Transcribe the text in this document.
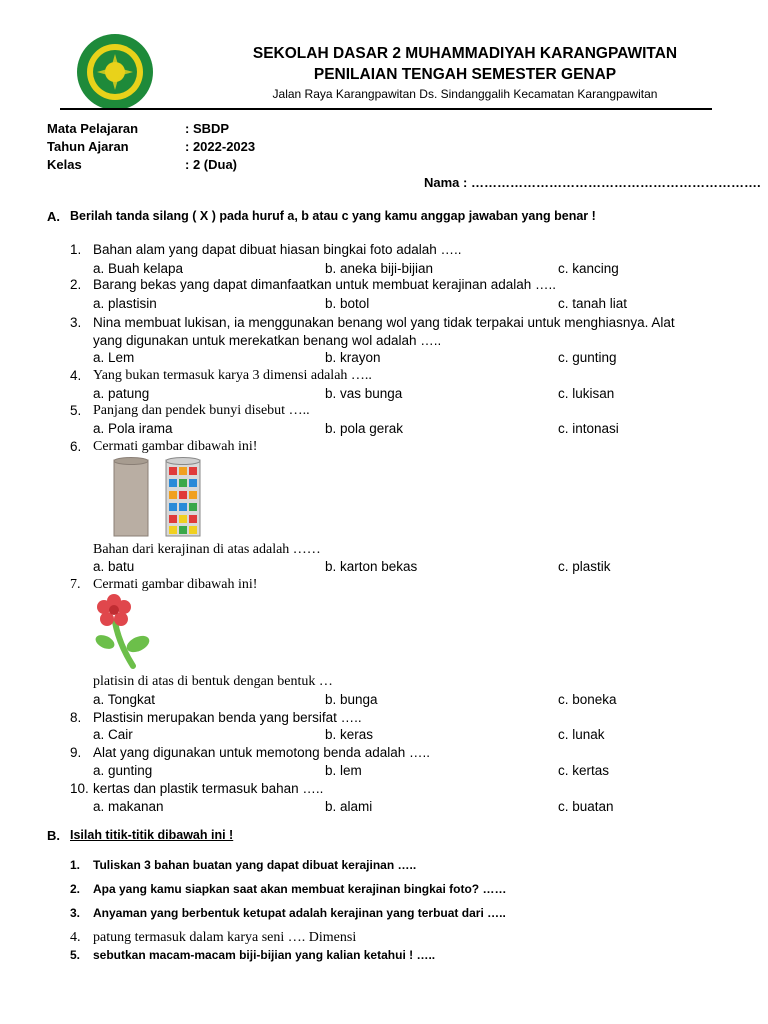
SEKOLAH DASAR 2 MUHAMMADIYAH KARANGPAWITAN
PENILAIAN TENGAH SEMESTER GENAP
Jalan Raya Karangpawitan Ds. Sindanggalih Kecamatan Karangpawitan
Mata Pelajaran	: SBDP
Tahun Ajaran	: 2022-2023
Kelas	: 2 (Dua)
Nama : ………………………………………………………….
A. Berilah tanda silang ( X ) pada huruf a, b atau c yang kamu anggap jawaban yang benar !
1. Bahan alam yang dapat dibuat hiasan bingkai foto adalah …..
a. Buah kelapa	b. aneka biji-bijian	c. kancing
2. Barang bekas yang dapat dimanfaatkan untuk membuat kerajinan adalah …..
a. plastisin	b. botol	c. tanah liat
3. Nina membuat lukisan, ia menggunakan benang wol yang tidak terpakai untuk menghiasnya. Alat
yang digunakan untuk merekatkan benang wol adalah …..
a. Lem	b. krayon	c. gunting
4. Yang bukan termasuk karya 3 dimensi adalah …..
a. patung	b. vas bunga	c. lukisan
5. Panjang dan pendek bunyi disebut …..
a. Pola irama	b. pola gerak	c. intonasi
6. Cermati gambar dibawah ini!
Bahan dari kerajinan di atas adalah ……
a. batu	b. karton bekas	c. plastik
7. Cermati gambar dibawah ini!
platisin di atas di bentuk dengan bentuk …
a. Tongkat	b. bunga	c. boneka
8. Plastisin merupakan benda yang bersifat …..
a. Cair	b. keras	c. lunak
9. Alat yang digunakan untuk memotong benda adalah …..
a. gunting	b. lem	c. kertas
10. kertas dan plastik termasuk bahan …..
a. makanan	b. alami	c. buatan
B. Isilah titik-titik dibawah ini !
1. Tuliskan 3 bahan buatan yang dapat dibuat kerajinan …..
2. Apa yang kamu siapkan saat akan membuat kerajinan bingkai foto? ……
3. Anyaman yang berbentuk ketupat adalah kerajinan yang terbuat dari …..
4. patung termasuk dalam karya seni …. Dimensi
5. sebutkan macam-macam biji-bijian yang kalian ketahui ! …..
